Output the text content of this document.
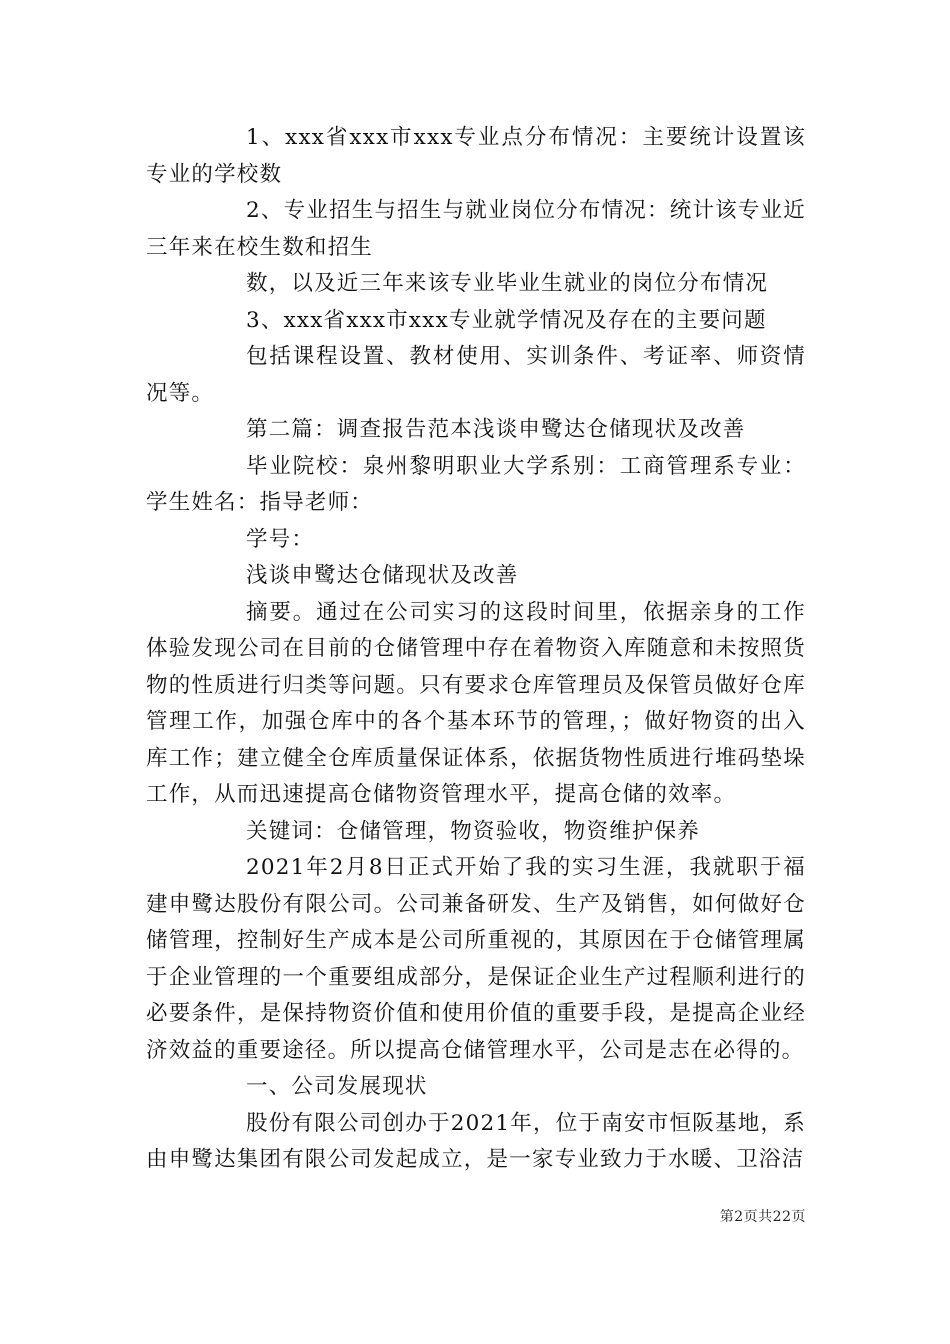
1、xxx省xxx市xxx专业点分布情况：主要统计设置该专业的学校数

2、专业招生与招生与就业岗位分布情况：统计该专业近三年来在校生数和招生

数，以及近三年来该专业毕业生就业的岗位分布情况

3、xxx省xxx市xxx专业就学情况及存在的主要问题

包括课程设置、教材使用、实训条件、考证率、师资情况等。

第二篇：调查报告范本浅谈申鹭达仓储现状及改善

毕业院校：泉州黎明职业大学系别：工商管理系专业：学生姓名：指导老师：

学号：

浅谈申鹭达仓储现状及改善

摘要。通过在公司实习的这段时间里，依据亲身的工作体验发现公司在目前的仓储管理中存在着物资入库随意和未按照货物的性质进行归类等问题。只有要求仓库管理员及保管员做好仓库管理工作，加强仓库中的各个基本环节的管理，；做好物资的出入库工作；建立健全仓库质量保证体系，依据货物性质进行堆码垫垛工作，从而迅速提高仓储物资管理水平，提高仓储的效率。

关键词：仓储管理，物资验收，物资维护保养

2021年2月8日正式开始了我的实习生涯，我就职于福建申鹭达股份有限公司。公司兼备研发、生产及销售，如何做好仓储管理，控制好生产成本是公司所重视的，其原因在于仓储管理属于企业管理的一个重要组成部分，是保证企业生产过程顺利进行的必要条件，是保持物资价值和使用价值的重要手段，是提高企业经济效益的重要途径。所以提高仓储管理水平，公司是志在必得的。

一、公司发展现状

股份有限公司创办于2021年，位于南安市恒阪基地，系由申鹭达集团有限公司发起成立，是一家专业致力于水暖、卫浴洁

第2页共22页
